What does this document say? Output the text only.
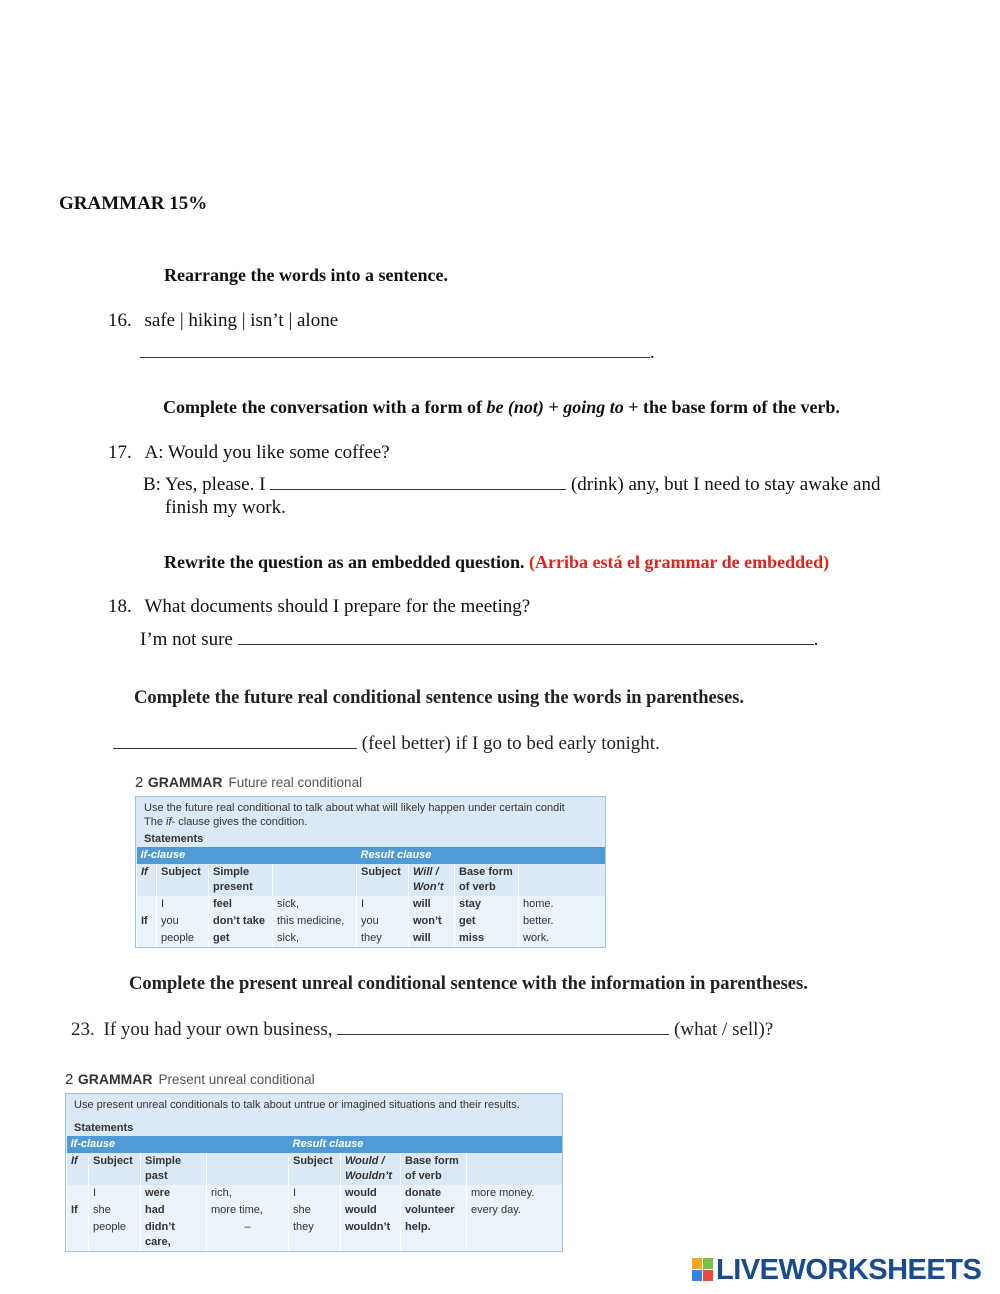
GRAMMAR 15%
Rearrange the words into a sentence.
16. safe | hiking | isn’t | alone
.
Complete the conversation with a form of be (not) + going to + the base form of the verb.
17. A: Would you like some coffee?
B: Yes, please. I	(drink) any, but I need to stay awake and
finish my work.
Rewrite the question as an embedded question. (Arriba está el grammar de embedded)
18. What documents should I prepare for the meeting?
I’m not sure	.
Complete the future real conditional sentence using the words in parentheses.
(feel better) if I go to bed early tonight.
2 GRAMMAR Future real conditional
Use the future real conditional to talk about what will likely happen under certain condit
The if- clause gives the condition.
Statements
If-clause				Result clause			
If	Subject	Simple present		Subject	Will / Won’t	Base form of verb	
	I	feel	sick,	I	will	stay	home.
If	you	don’t take	this medicine,	you	won’t	get	better.
	people	get	sick,	they	will	miss	work.
Complete the present unreal conditional sentence with the information in parentheses.
23. If you had your own business,	(what / sell)?
2 GRAMMAR Present unreal conditional
Use present unreal conditionals to talk about untrue or imagined situations and their results.
Statements
If-clause				Result clause			
If	Subject	Simple past		Subject	Would / Wouldn’t	Base form of verb	
	I	were	rich,	I	would	donate	more money.
If	she	had	more time,	she	would	volunteer	every day.
	people	didn’t care,	–	they	wouldn’t	help.	
LIVEWORKSHEETS
